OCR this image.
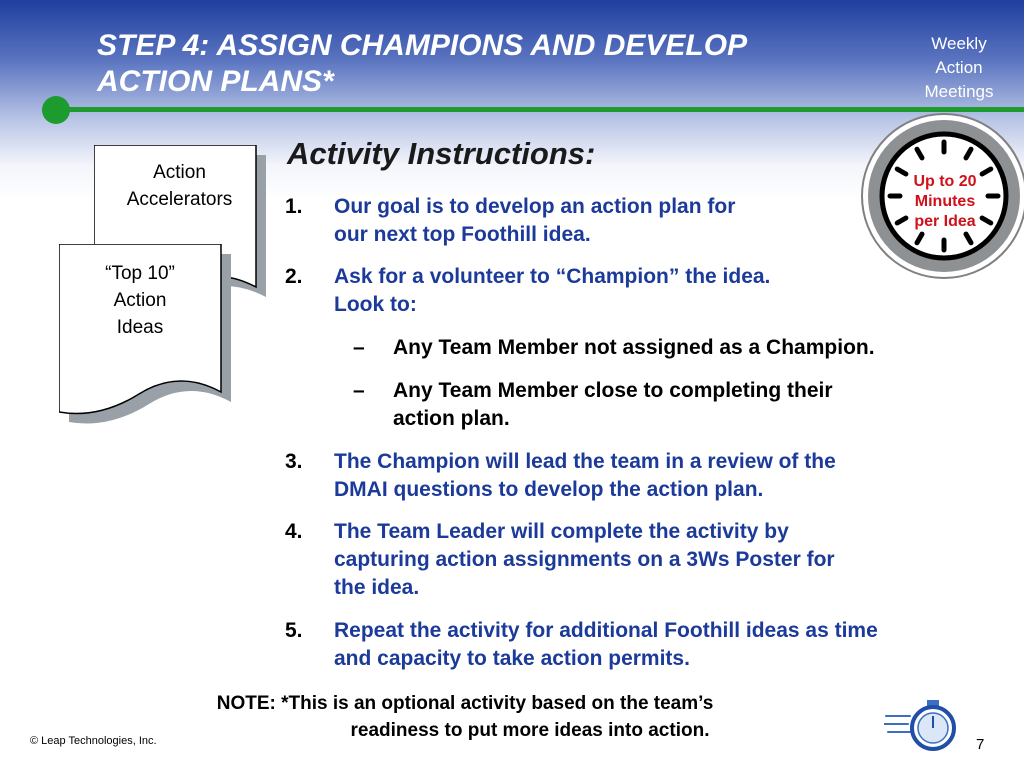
STEP 4: ASSIGN CHAMPIONS AND DEVELOP
ACTION PLANS*
Weekly
Action
Meetings
Action
Accelerators
“Top 10”
Action
Ideas
Up to 20
Minutes
per Idea
Activity Instructions:
1. Our goal is to develop an action plan for
our next top Foothill idea.
2. Ask for a volunteer to “Champion” the idea.
Look to:
– Any Team Member not assigned as a Champion.
– Any Team Member close to completing their
action plan.
3. The Champion will lead the team in a review of the
DMAI questions to develop the action plan.
4. The Team Leader will complete the activity by
capturing action assignments on a 3Ws Poster for
the idea.
5. Repeat the activity for additional Foothill ideas as time
and capacity to take action permits.
NOTE: *This is an optional activity based on the team’s
readiness to put more ideas into action.
© Leap Technologies, Inc.	7
